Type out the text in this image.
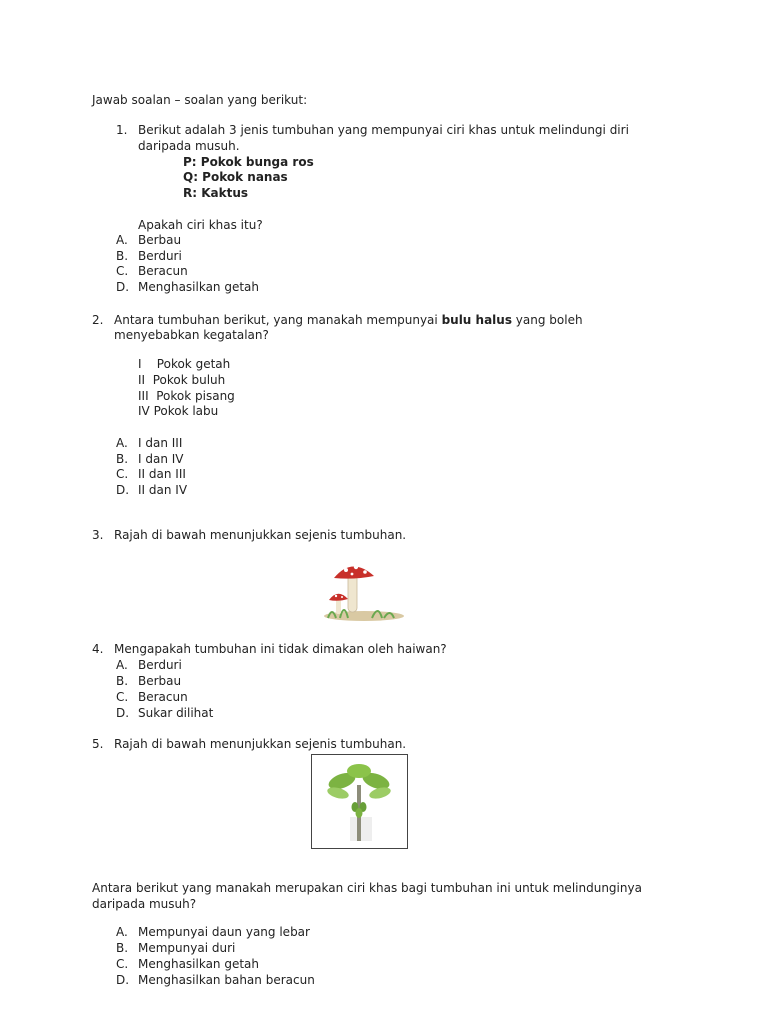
Jawab soalan – soalan yang berikut:
1. Berikut adalah 3 jenis tumbuhan yang mempunyai ciri khas untuk melindungi diri
daripada musuh.
P: Pokok bunga ros
Q: Pokok nanas
R: Kaktus
Apakah ciri khas itu?
A. Berbau
B. Berduri
C. Beracun
D. Menghasilkan getah
2. Antara tumbuhan berikut, yang manakah mempunyai bulu halus yang boleh
menyebabkan kegatalan?
I    Pokok getah
II  Pokok buluh
III  Pokok pisang
IV Pokok labu
A. I dan III
B. I dan IV
C. II dan III
D. II dan IV
3. Rajah di bawah menunjukkan sejenis tumbuhan.
4. Mengapakah tumbuhan ini tidak dimakan oleh haiwan?
A. Berduri
B. Berbau
C. Beracun
D. Sukar dilihat
5. Rajah di bawah menunjukkan sejenis tumbuhan.
Antara berikut yang manakah merupakan ciri khas bagi tumbuhan ini untuk melindunginya
daripada musuh?
A. Mempunyai daun yang lebar
B. Mempunyai duri
C. Menghasilkan getah
D. Menghasilkan bahan beracun
